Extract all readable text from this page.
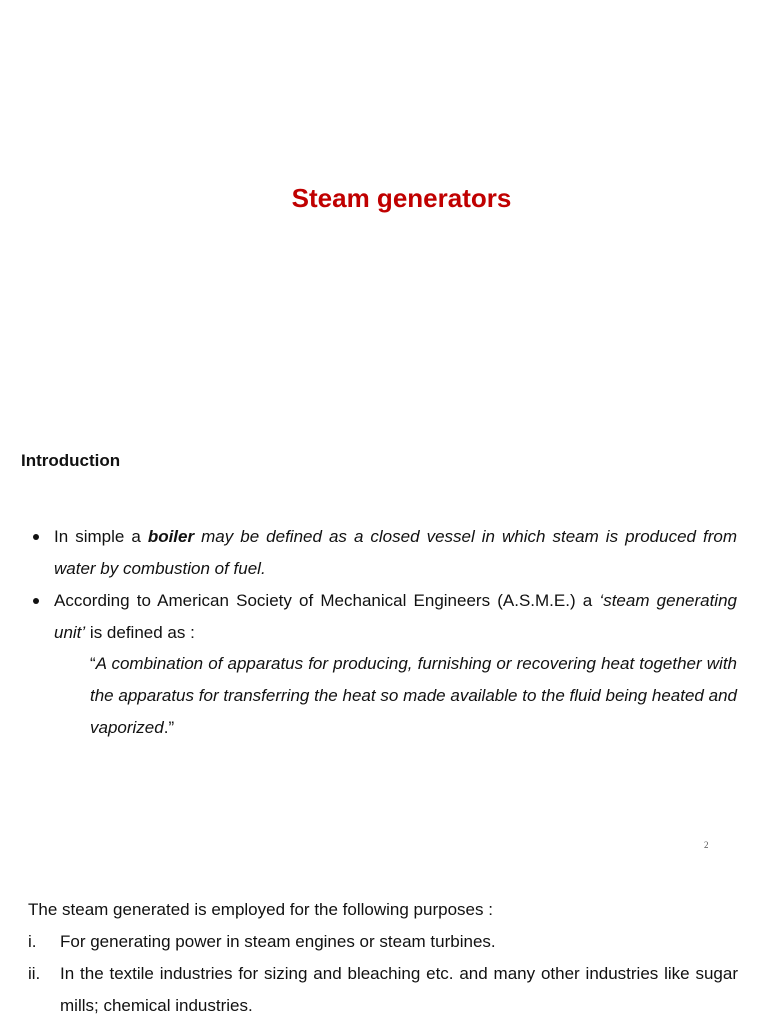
Steam generators
Introduction
In simple a boiler may be defined as a closed vessel in which steam is produced from water by combustion of fuel.
According to American Society of Mechanical Engineers (A.S.M.E.) a ‘steam generating unit’ is defined as :
“A combination of apparatus for producing, furnishing or recovering heat together with the apparatus for transferring the heat so made available to the fluid being heated and vaporized.”
2
The steam generated is employed for the following purposes :
i. For generating power in steam engines or steam turbines.
ii. In the textile industries for sizing and bleaching etc. and many other industries like sugar mills; chemical industries.
